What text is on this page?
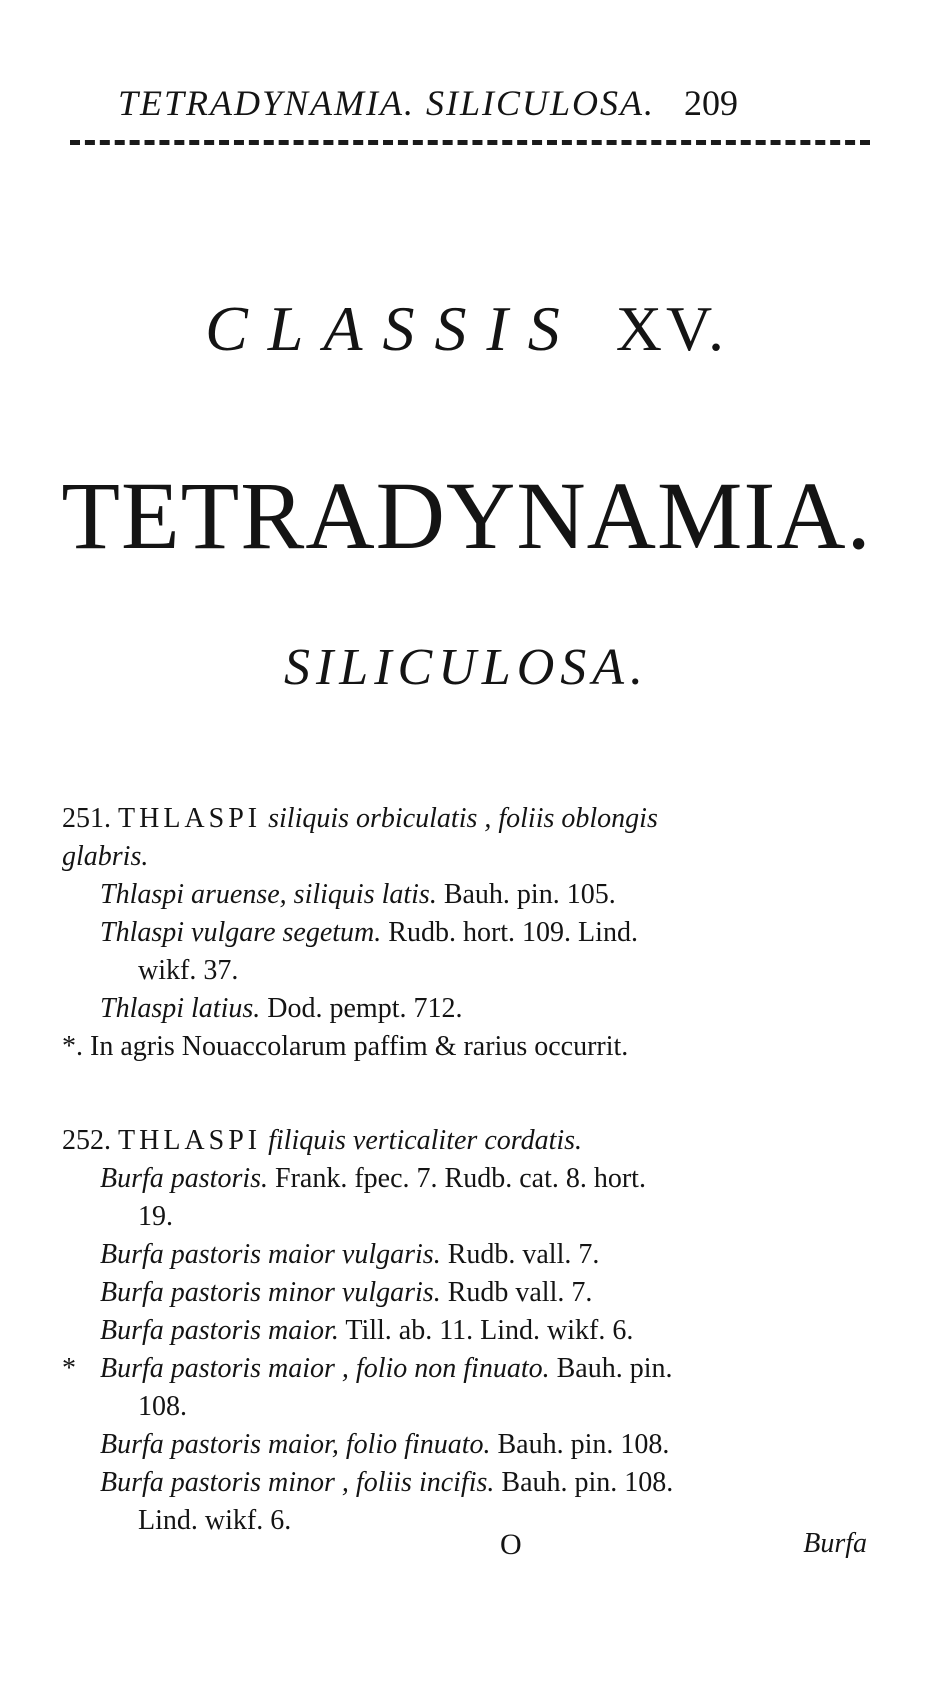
TETRADYNAMIA. SILICULOSA. 209
CLASSIS XV.
TETRADYNAMIA.
SILICULOSA.
251. THLASPI siliquis orbiculatis , foliis oblongis
glabris.
Thlaspi aruense, siliquis latis. Bauh. pin. 105.
Thlaspi vulgare segetum. Rudb. hort. 109. Lind.
wikf. 37.
Thlaspi latius. Dod. pempt. 712.
*. In agris Nouaccolarum paffim & rarius occurrit.
252. THLASPI filiquis verticaliter cordatis.
Burfa pastoris. Frank. fpec. 7. Rudb. cat. 8. hort.
19.
Burfa pastoris maior vulgaris. Rudb. vall. 7.
Burfa pastoris minor vulgaris. Rudb vall. 7.
Burfa pastoris maior. Till. ab. 11. Lind. wikf. 6.
* Burfa pastoris maior , folio non finuato. Bauh. pin.
108.
Burfa pastoris maior, folio finuato. Bauh. pin. 108.
Burfa pastoris minor , foliis incifis. Bauh. pin. 108.
Lind. wikf. 6.
O	Burfa
